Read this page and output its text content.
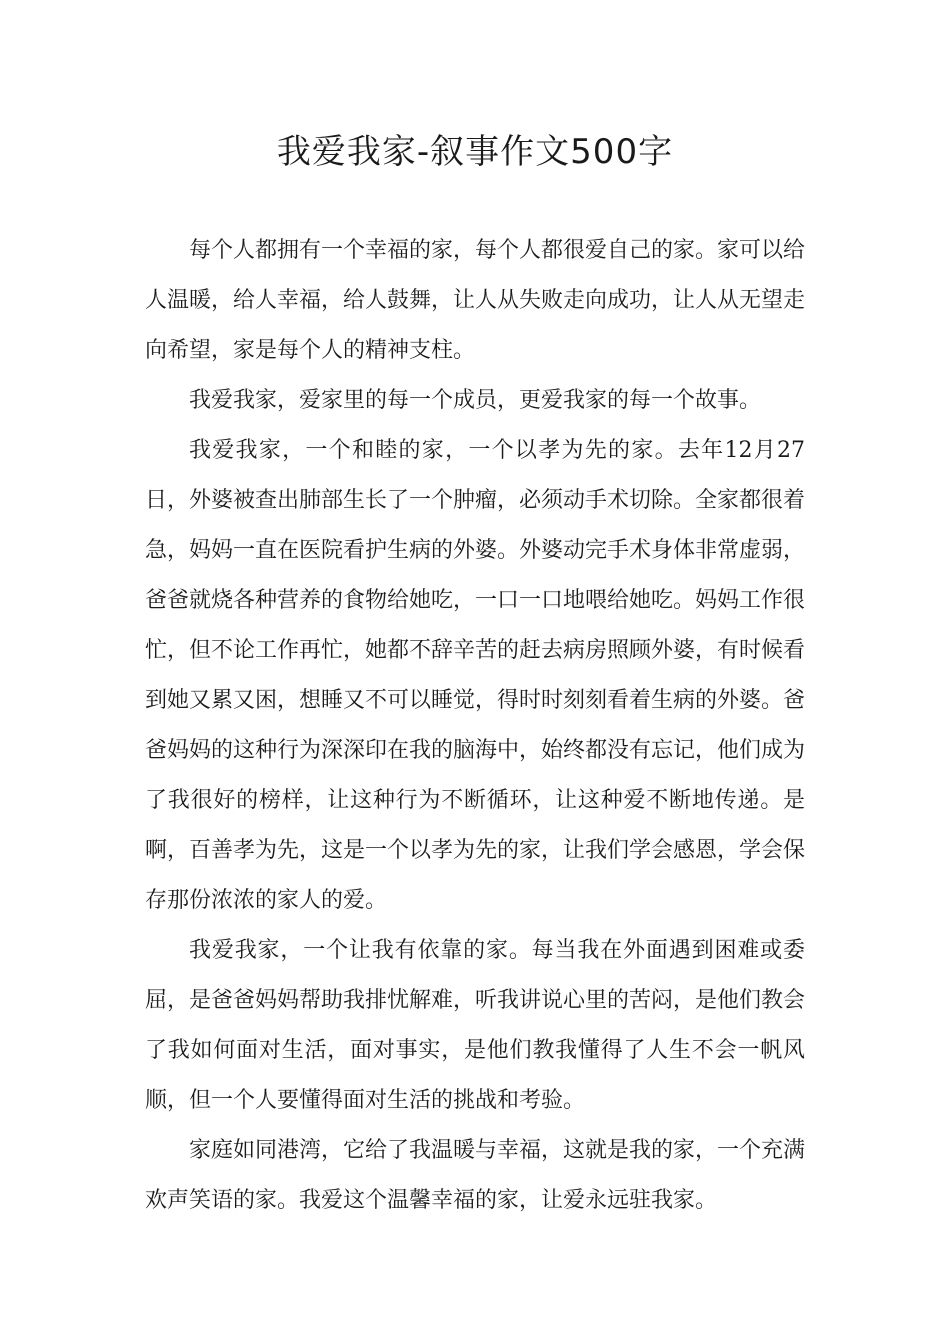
我爱我家-叙事作文500字

每个人都拥有一个幸福的家，每个人都很爱自己的家。家可以给人温暖，给人幸福，给人鼓舞，让人从失败走向成功，让人从无望走向希望，家是每个人的精神支柱。

我爱我家，爱家里的每一个成员，更爱我家的每一个故事。

我爱我家，一个和睦的家，一个以孝为先的家。去年12月27日，外婆被查出肺部生长了一个肿瘤，必须动手术切除。全家都很着急，妈妈一直在医院看护生病的外婆。外婆动完手术身体非常虚弱，爸爸就烧各种营养的食物给她吃，一口一口地喂给她吃。妈妈工作很忙，但不论工作再忙，她都不辞辛苦的赶去病房照顾外婆，有时候看到她又累又困，想睡又不可以睡觉，得时时刻刻看着生病的外婆。爸爸妈妈的这种行为深深印在我的脑海中，始终都没有忘记，他们成为了我很好的榜样，让这种行为不断循环，让这种爱不断地传递。是啊，百善孝为先，这是一个以孝为先的家，让我们学会感恩，学会保存那份浓浓的家人的爱。

我爱我家，一个让我有依靠的家。每当我在外面遇到困难或委屈，是爸爸妈妈帮助我排忧解难，听我讲说心里的苦闷，是他们教会了我如何面对生活，面对事实，是他们教我懂得了人生不会一帆风顺，但一个人要懂得面对生活的挑战和考验。

家庭如同港湾，它给了我温暖与幸福，这就是我的家，一个充满欢声笑语的家。我爱这个温馨幸福的家，让爱永远驻我家。
